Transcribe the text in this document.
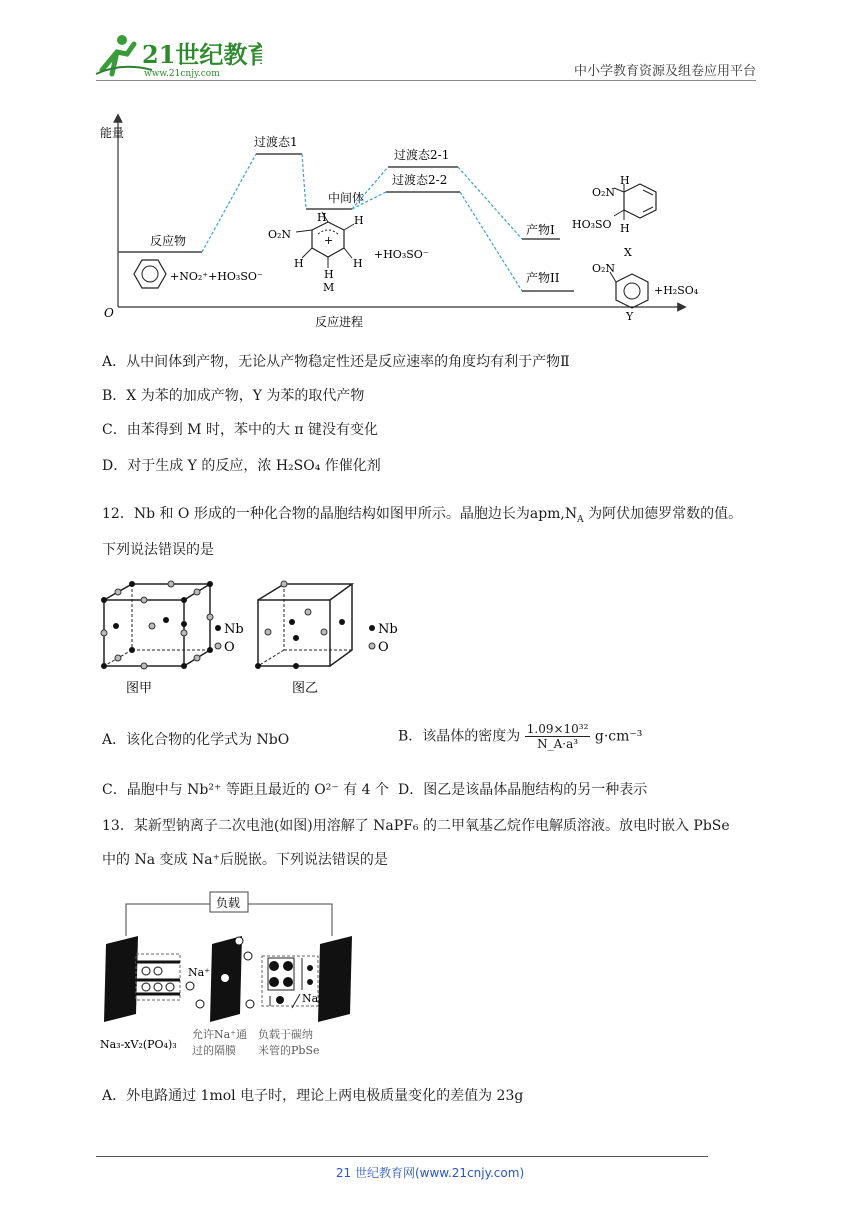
21世纪教育
www.21cnjy.com	中小学教育资源及组卷应用平台
能量
O
反应进程
反应物
过渡态1
中间体
过渡态2-1
过渡态2-2
产物I
产物II
+NO₂⁺+HO₃SO⁻
H
O₂N	+
H
H
H
H
M
+HO₃SO⁻
H
O₂N
HO₃SO H
X
O₂N
+H₂SO₄
Y
A．从中间体到产物，无论从产物稳定性还是反应速率的角度均有利于产物Ⅱ
B．X 为苯的加成产物，Y 为苯的取代产物
C．由苯得到 M 时，苯中的大 π 键没有变化
D．对于生成 Y 的反应，浓 H₂SO₄ 作催化剂
12．Nb 和 O 形成的一种化合物的晶胞结构如图甲所示。晶胞边长为$apm,N_A$ 为阿伏加德罗常数的值。
下列说法错误的是
Nb
O
图甲
Nb
O
图乙
A．该化合物的化学式为 NbO	B．该晶体的密度为 $\frac{\text{1.09×10³²}}{\text{N\_A·a³}} g\cdot cm^{-3}$
C．晶胞中与 Nb²⁺ 等距且最近的 O²⁻ 有 4 个 D．图乙是该晶体晶胞结构的另一种表示
13．某新型钠离子二次电池(如图)用溶解了 NaPF₆ 的二甲氧基乙烷作电解质溶液。放电时嵌入 PbSe
中的 Na 变成 Na⁺后脱嵌。下列说法错误的是
负载
Na⁺
Na
Na₃-xV₂(PO₄)₃
允许Na⁺通
过的隔膜
负载于碳纳
米管的PbSe
A．外电路通过 1mol 电子时，理论上两电极质量变化的差值为 23g
21 世纪教育网(www.21cnjy.com)
